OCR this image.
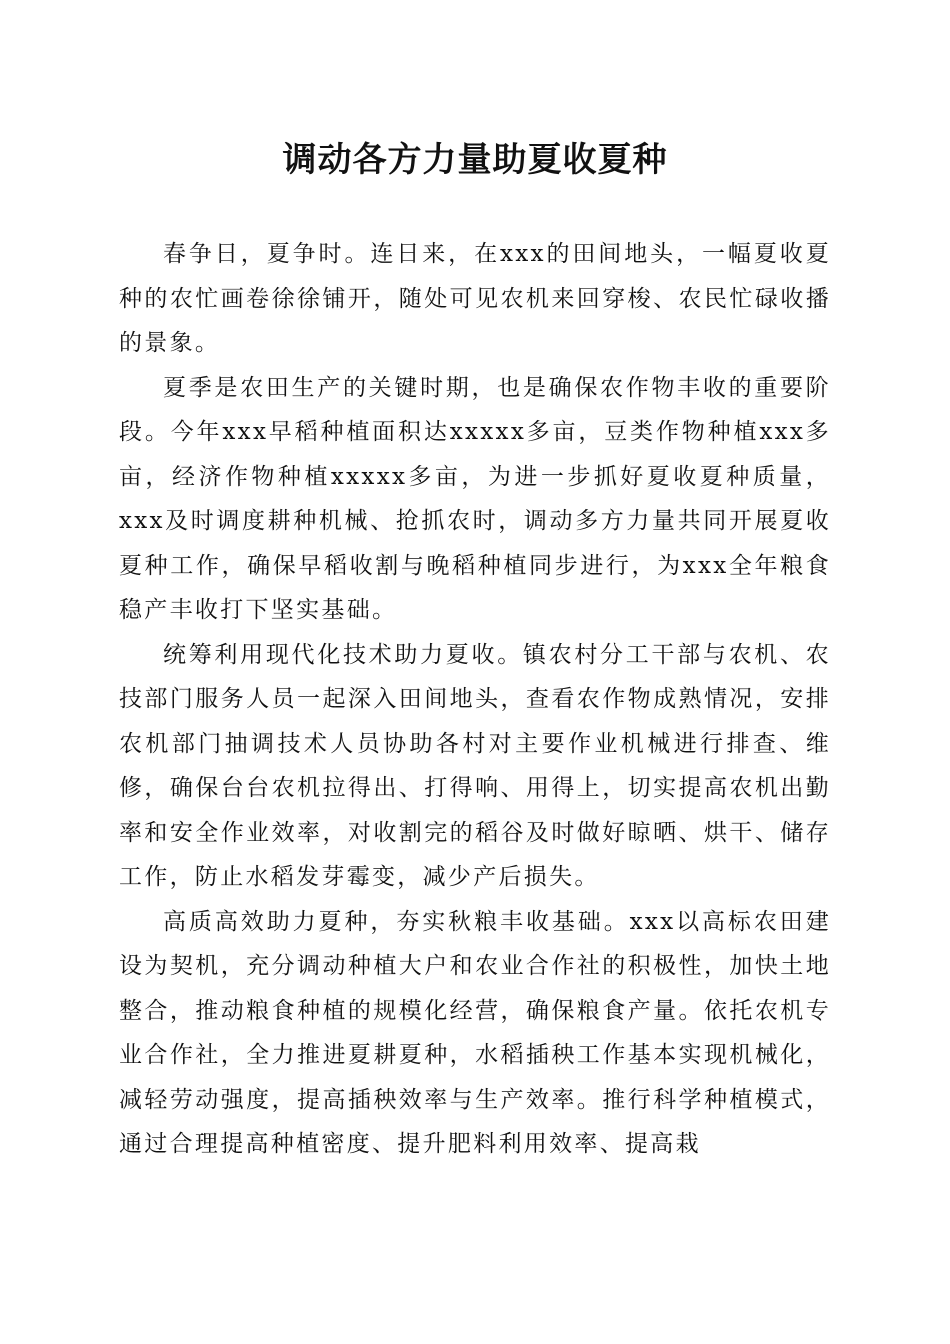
调动各方力量助夏收夏种

春争日，夏争时。连日来，在xxx的田间地头，一幅夏收夏种的农忙画卷徐徐铺开，随处可见农机来回穿梭、农民忙碌收播的景象。

夏季是农田生产的关键时期，也是确保农作物丰收的重要阶段。今年xxx早稻种植面积达xxxxx多亩，豆类作物种植xxx多亩，经济作物种植xxxxx多亩，为进一步抓好夏收夏种质量，xxx及时调度耕种机械、抢抓农时，调动多方力量共同开展夏收夏种工作，确保早稻收割与晚稻种植同步进行，为xxx全年粮食稳产丰收打下坚实基础。

统筹利用现代化技术助力夏收。镇农村分工干部与农机、农技部门服务人员一起深入田间地头，查看农作物成熟情况，安排农机部门抽调技术人员协助各村对主要作业机械进行排查、维修，确保台台农机拉得出、打得响、用得上，切实提高农机出勤率和安全作业效率，对收割完的稻谷及时做好晾晒、烘干、储存工作，防止水稻发芽霉变，减少产后损失。

高质高效助力夏种，夯实秋粮丰收基础。xxx以高标农田建设为契机，充分调动种植大户和农业合作社的积极性，加快土地整合，推动粮食种植的规模化经营，确保粮食产量。依托农机专业合作社，全力推进夏耕夏种，水稻插秧工作基本实现机械化，减轻劳动强度，提高插秧效率与生产效率。推行科学种植模式，通过合理提高种植密度、提升肥料利用效率、提高栽
